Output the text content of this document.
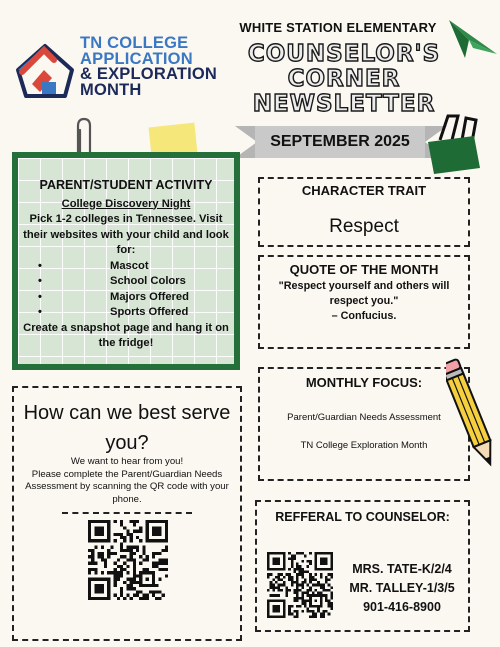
TN COLLEGE
APPLICATION
& EXPLORATION
MONTH
WHITE STATION ELEMENTARY
COUNSELOR'S
CORNER
NEWSLETTER
SEPTEMBER 2025
PARENT/STUDENT ACTIVITY
College Discovery Night
Pick 1-2 colleges in Tennessee. Visit their websites with your child and look for:
• Mascot
• School Colors
• Majors Offered
• Sports Offered
Create a snapshot page and hang it on the fridge!
CHARACTER TRAIT
Respect
QUOTE OF THE MONTH
"Respect yourself and others will respect you."
– Confucius.
MONTHLY FOCUS:
Parent/Guardian Needs Assessment
TN College Exploration Month
How can we best serve you?
We want to hear from you!
Please complete the Parent/Guardian Needs Assessment by scanning the QR code with your phone.
REFFERAL TO COUNSELOR:
MRS. TATE-K/2/4
MR. TALLEY-1/3/5
901-416-8900
